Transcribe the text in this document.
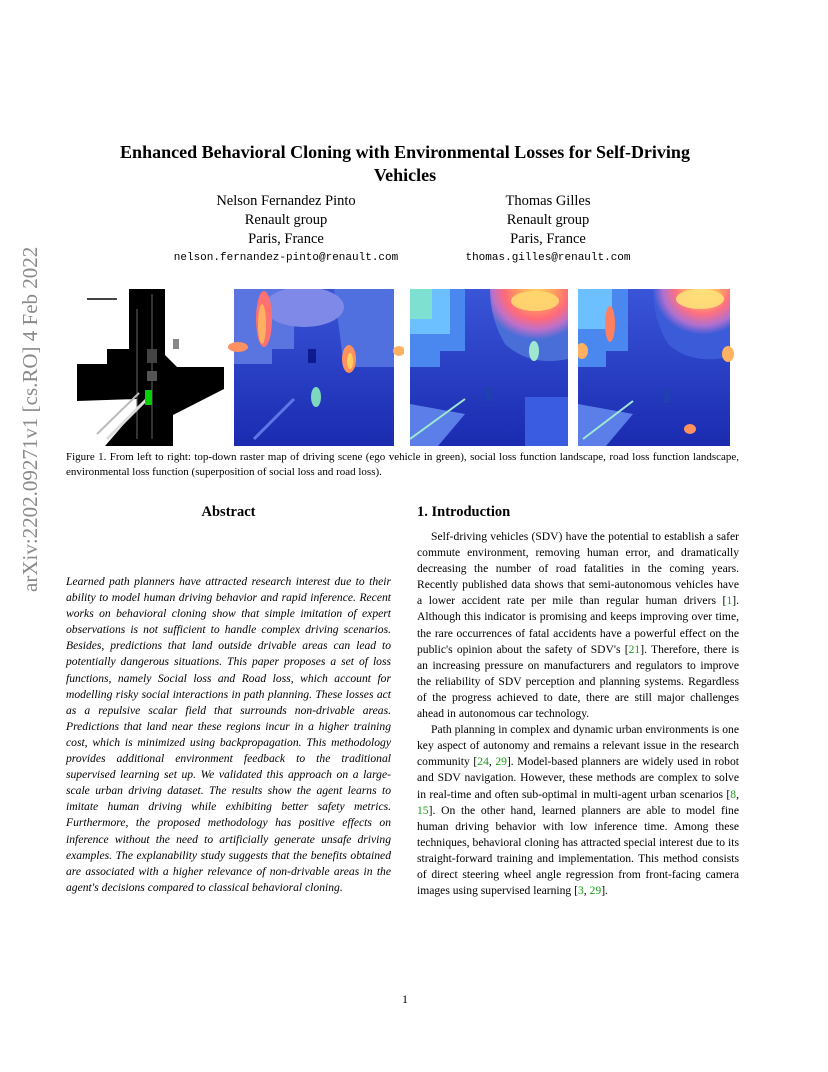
arXiv:2202.09271v1 [cs.RO] 4 Feb 2022
Enhanced Behavioral Cloning with Environmental Losses for Self-Driving Vehicles
Nelson Fernandez Pinto
Renault group
Paris, France
nelson.fernandez-pinto@renault.com
Thomas Gilles
Renault group
Paris, France
thomas.gilles@renault.com
Figure 1. From left to right: top-down raster map of driving scene (ego vehicle in green), social loss function landscape, road loss function landscape, environmental loss function (superposition of social loss and road loss).
Abstract
Learned path planners have attracted research interest due to their ability to model human driving behavior and rapid inference. Recent works on behavioral cloning show that simple imitation of expert observations is not sufficient to handle complex driving scenarios. Besides, predictions that land outside drivable areas can lead to potentially dangerous situations. This paper proposes a set of loss functions, namely Social loss and Road loss, which account for modelling risky social interactions in path planning. These losses act as a repulsive scalar field that surrounds non-drivable areas. Predictions that land near these regions incur in a higher training cost, which is minimized using backpropagation. This methodology provides additional environment feedback to the traditional supervised learning set up. We validated this approach on a large-scale urban driving dataset. The results show the agent learns to imitate human driving while exhibiting better safety metrics. Furthermore, the proposed methodology has positive effects on inference without the need to artificially generate unsafe driving examples. The explanability study suggests that the benefits obtained are associated with a higher relevance of non-drivable areas in the agent's decisions compared to classical behavioral cloning.
1. Introduction

Self-driving vehicles (SDV) have the potential to establish a safer commute environment, removing human error, and dramatically decreasing the number of road fatalities in the coming years. Recently published data shows that semi-autonomous vehicles have a lower accident rate per mile than regular human drivers [1]. Although this indicator is promising and keeps improving over time, the rare occurrences of fatal accidents have a powerful effect on the public's opinion about the safety of SDV's [21]. Therefore, there is an increasing pressure on manufacturers and regulators to improve the reliability of SDV perception and planning systems. Regardless of the progress achieved to date, there are still major challenges ahead in autonomous car technology.

Path planning in complex and dynamic urban environments is one key aspect of autonomy and remains a relevant issue in the research community [24, 29]. Model-based planners are widely used in robot and SDV navigation. However, these methods are complex to solve in real-time and often sub-optimal in multi-agent urban scenarios [8, 15]. On the other hand, learned planners are able to model fine human driving behavior with low inference time. Among these techniques, behavioral cloning has attracted special interest due to its straight-forward training and implementation. This method consists of direct steering wheel angle regression from front-facing camera images using supervised learning [3, 29].

1
